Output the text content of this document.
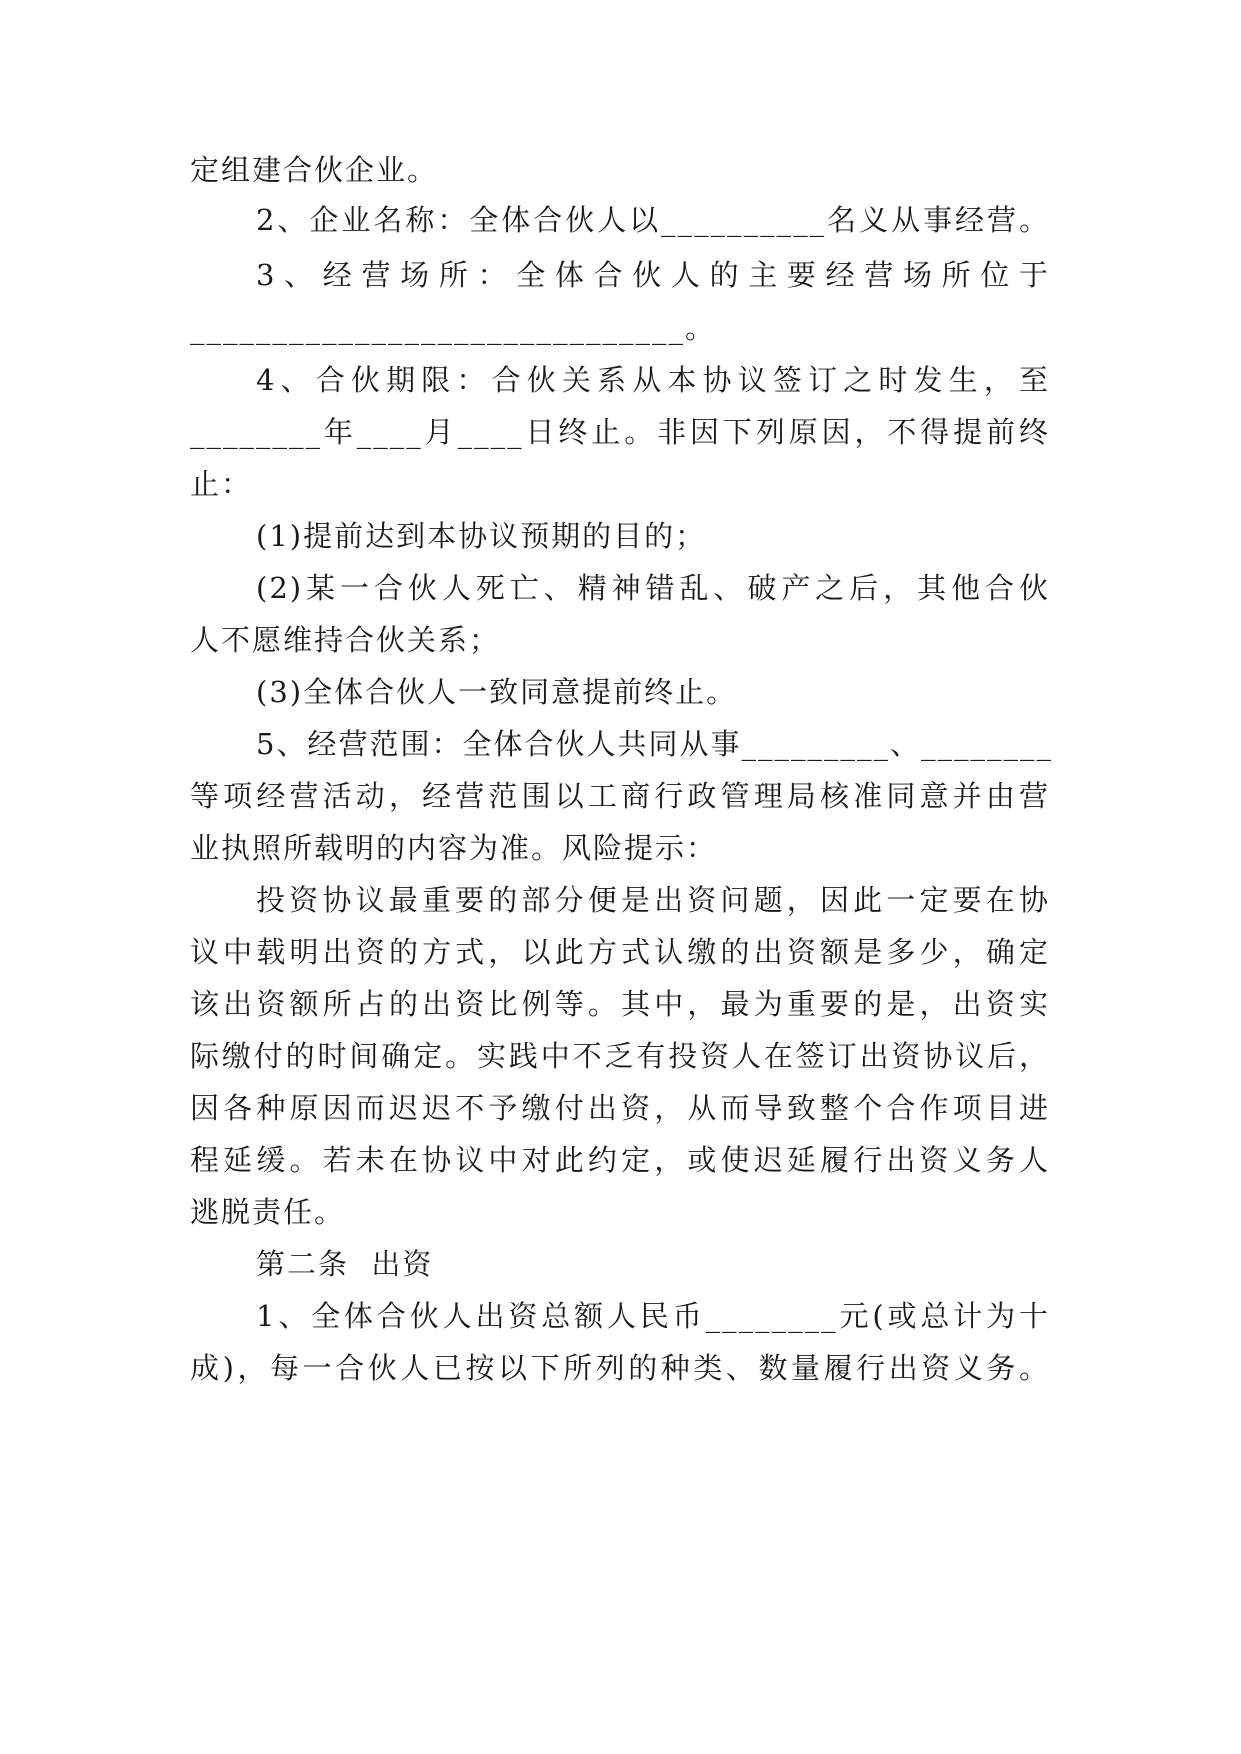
定组建合伙企业。
2、企业名称：全体合伙人以__________名义从事经营。
3、经营场所：全体合伙人的主要经营场所位于
______________________________。
4、合伙期限：合伙关系从本协议签订之时发生，至
________年____月____日终止。非因下列原因，不得提前终
止：
(1)提前达到本协议预期的目的；
(2)某一合伙人死亡、精神错乱、破产之后，其他合伙
人不愿维持合伙关系；
(3)全体合伙人一致同意提前终止。
5、经营范围：全体合伙人共同从事_________、________
等项经营活动，经营范围以工商行政管理局核准同意并由营
业执照所载明的内容为准。风险提示：
投资协议最重要的部分便是出资问题，因此一定要在协
议中载明出资的方式，以此方式认缴的出资额是多少，确定
该出资额所占的出资比例等。其中，最为重要的是，出资实
际缴付的时间确定。实践中不乏有投资人在签订出资协议后，
因各种原因而迟迟不予缴付出资，从而导致整个合作项目进
程延缓。若未在协议中对此约定，或使迟延履行出资义务人
逃脱责任。
第二条  出资
1、全体合伙人出资总额人民币________元(或总计为十
成)，每一合伙人已按以下所列的种类、数量履行出资义务。
